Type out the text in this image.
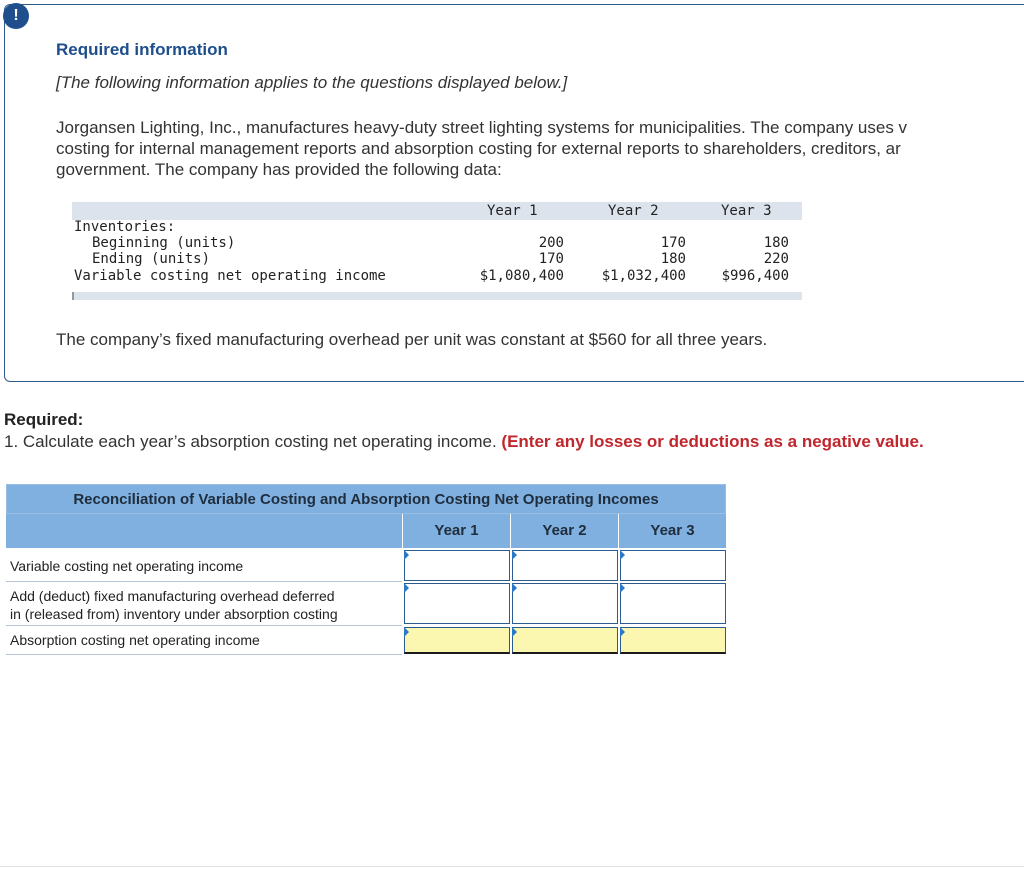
!
Required information
[The following information applies to the questions displayed below.]
Jorgansen Lighting, Inc., manufactures heavy-duty street lighting systems for municipalities. The company uses v
costing for internal management reports and absorption costing for external reports to shareholders, creditors, ar
government. The company has provided the following data:
Year 1	Year 2	Year 3
Inventories:
Beginning (units)	200	170	180
Ending (units)	170	180	220
Variable costing net operating income	$1,080,400	$1,032,400	$996,400
The company’s fixed manufacturing overhead per unit was constant at $560 for all three years.
Required:
1. Calculate each year’s absorption costing net operating income. (Enter any losses or deductions as a negative value.
Reconciliation of Variable Costing and Absorption Costing Net Operating Incomes
Year 1	Year 2	Year 3
Variable costing net operating income
Add (deduct) fixed manufacturing overhead deferred
in (released from) inventory under absorption costing
Absorption costing net operating income
